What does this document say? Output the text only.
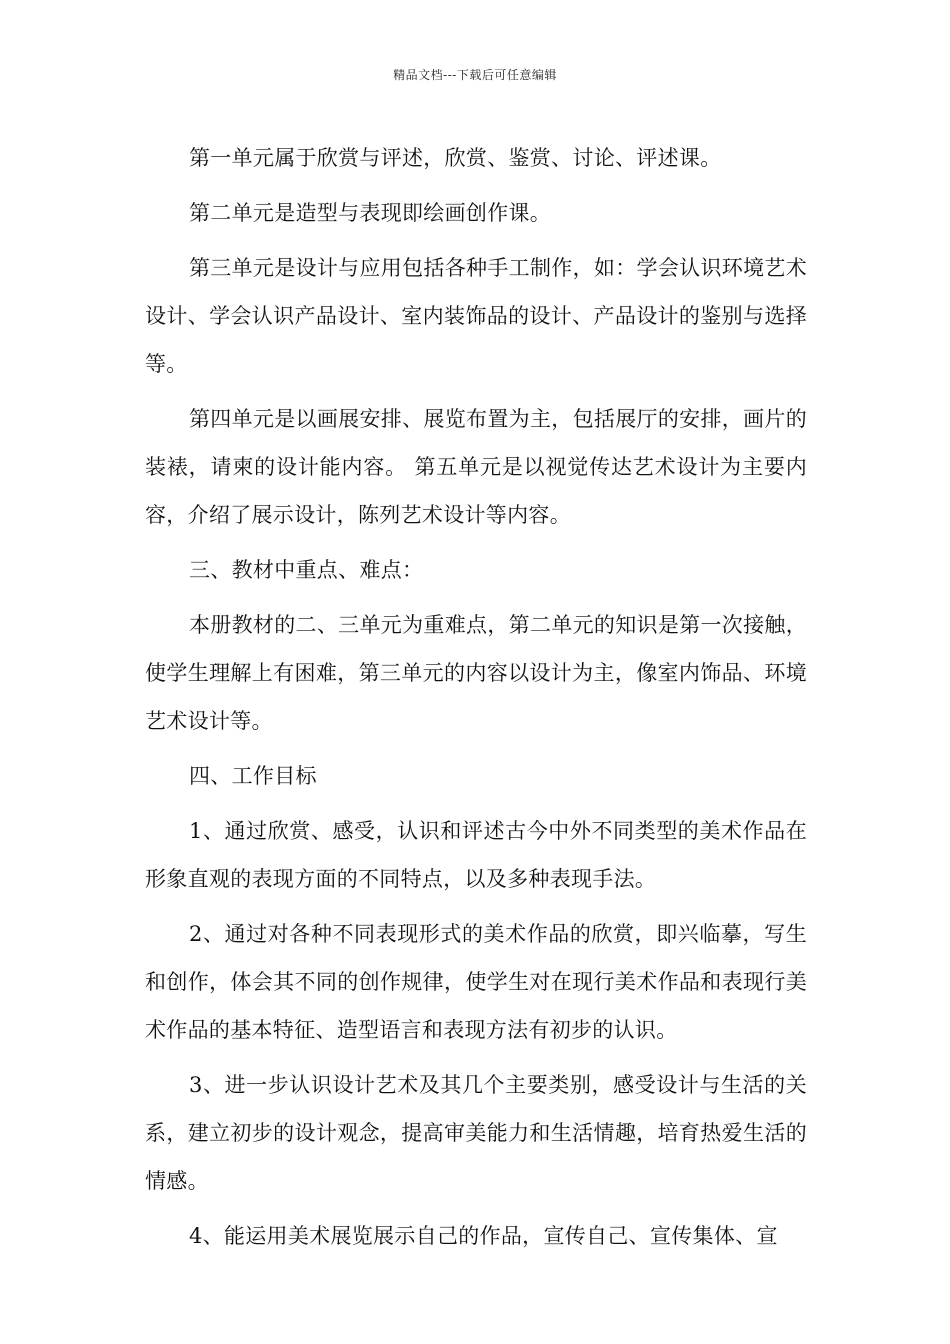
精品文档---下载后可任意编辑

第一单元属于欣赏与评述，欣赏、鉴赏、讨论、评述课。

第二单元是造型与表现即绘画创作课。

第三单元是设计与应用包括各种手工制作，如：学会认识环境艺术设计、学会认识产品设计、室内装饰品的设计、产品设计的鉴别与选择等。

第四单元是以画展安排、展览布置为主，包括展厅的安排，画片的装裱，请柬的设计能内容。 第五单元是以视觉传达艺术设计为主要内容，介绍了展示设计，陈列艺术设计等内容。

三、教材中重点、难点：

本册教材的二、三单元为重难点，第二单元的知识是第一次接触，使学生理解上有困难，第三单元的内容以设计为主，像室内饰品、环境艺术设计等。

四、工作目标

1、通过欣赏、感受，认识和评述古今中外不同类型的美术作品在形象直观的表现方面的不同特点，以及多种表现手法。

2、通过对各种不同表现形式的美术作品的欣赏，即兴临摹，写生和创作，体会其不同的创作规律，使学生对在现行美术作品和表现行美术作品的基本特征、造型语言和表现方法有初步的认识。

3、进一步认识设计艺术及其几个主要类别，感受设计与生活的关系，建立初步的设计观念，提高审美能力和生活情趣，培育热爱生活的情感。

4、能运用美术展览展示自己的作品，宣传自己、宣传集体、宣
